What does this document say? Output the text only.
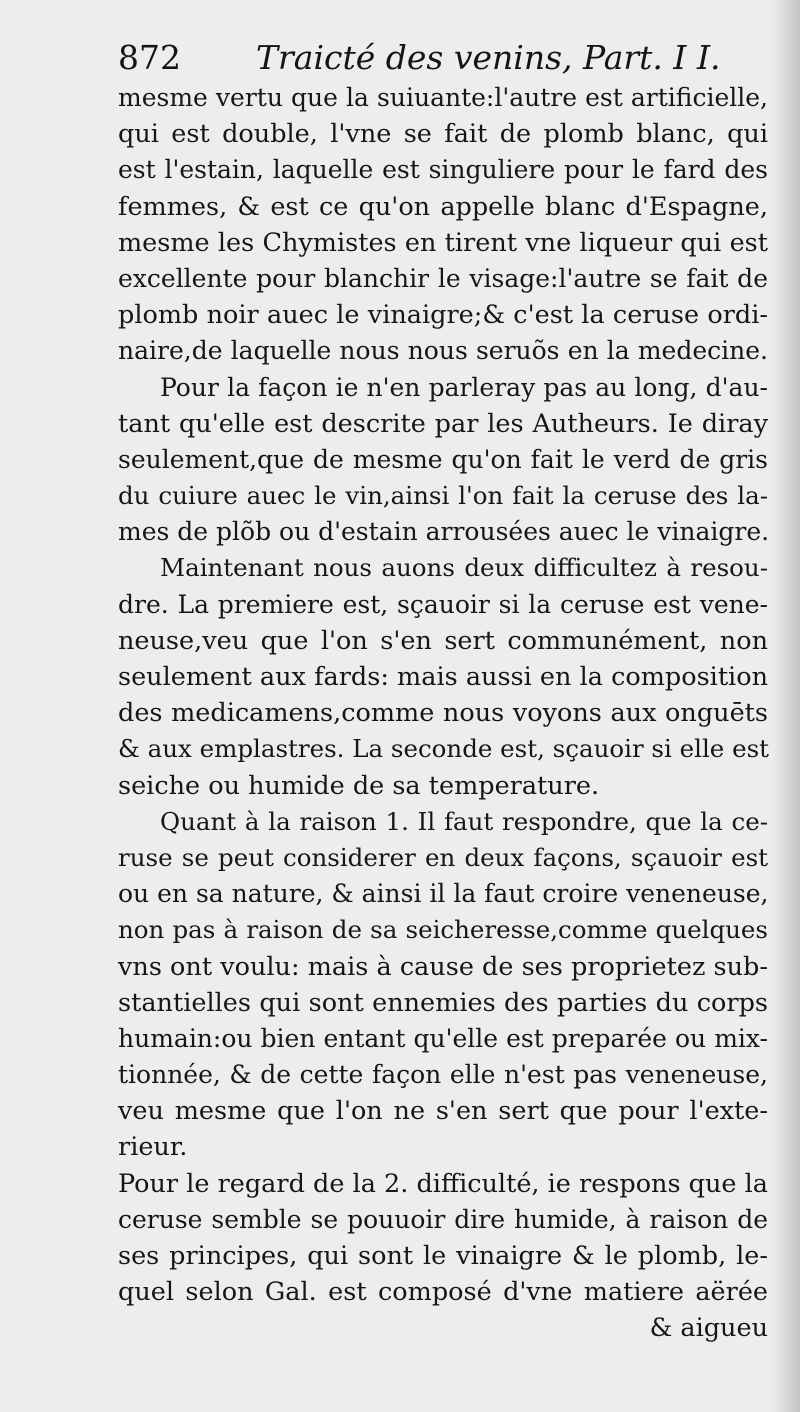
872 Traicté des venins, Part. I I.
mesme vertu que la suiuante:l'autre est artificielle,
qui est double, l'vne se fait de plomb blanc, qui
est l'estain, laquelle est singuliere pour le fard des
femmes, & est ce qu'on appelle blanc d'Espagne,
mesme les Chymistes en tirent vne liqueur qui est
excellente pour blanchir le visage:l'autre se fait de
plomb noir auec le vinaigre;& c'est la ceruse ordi-
naire,de laquelle nous nous seruõs en la medecine.
Pour la façon ie n'en parleray pas au long, d'au-
tant qu'elle est descrite par les Autheurs. Ie diray
seulement,que de mesme qu'on fait le verd de gris
du cuiure auec le vin,ainsi l'on fait la ceruse des la-
mes de plõb ou d'estain arrousées auec le vinaigre.
Maintenant nous auons deux difficultez à resou-
dre. La premiere est, sçauoir si la ceruse est vene-
neuse,veu que l'on s'en sert communément, non
seulement aux fards: mais aussi en la composition
des medicamens,comme nous voyons aux onguēts
& aux emplastres. La seconde est, sçauoir si elle est
seiche ou humide de sa temperature.
Quant à la raison 1. Il faut respondre, que la ce-
ruse se peut considerer en deux façons, sçauoir est
ou en sa nature, & ainsi il la faut croire veneneuse,
non pas à raison de sa seicheresse,comme quelques
vns ont voulu: mais à cause de ses proprietez sub-
stantielles qui sont ennemies des parties du corps
humain:ou bien entant qu'elle est preparée ou mix-
tionnée, & de cette façon elle n'est pas veneneuse,
veu mesme que l'on ne s'en sert que pour l'exte-
rieur.
Pour le regard de la 2. difficulté, ie respons que la
ceruse semble se pouuoir dire humide, à raison de
ses principes, qui sont le vinaigre & le plomb, le-
quel selon Gal. est composé d'vne matiere aërée
& aigueu
